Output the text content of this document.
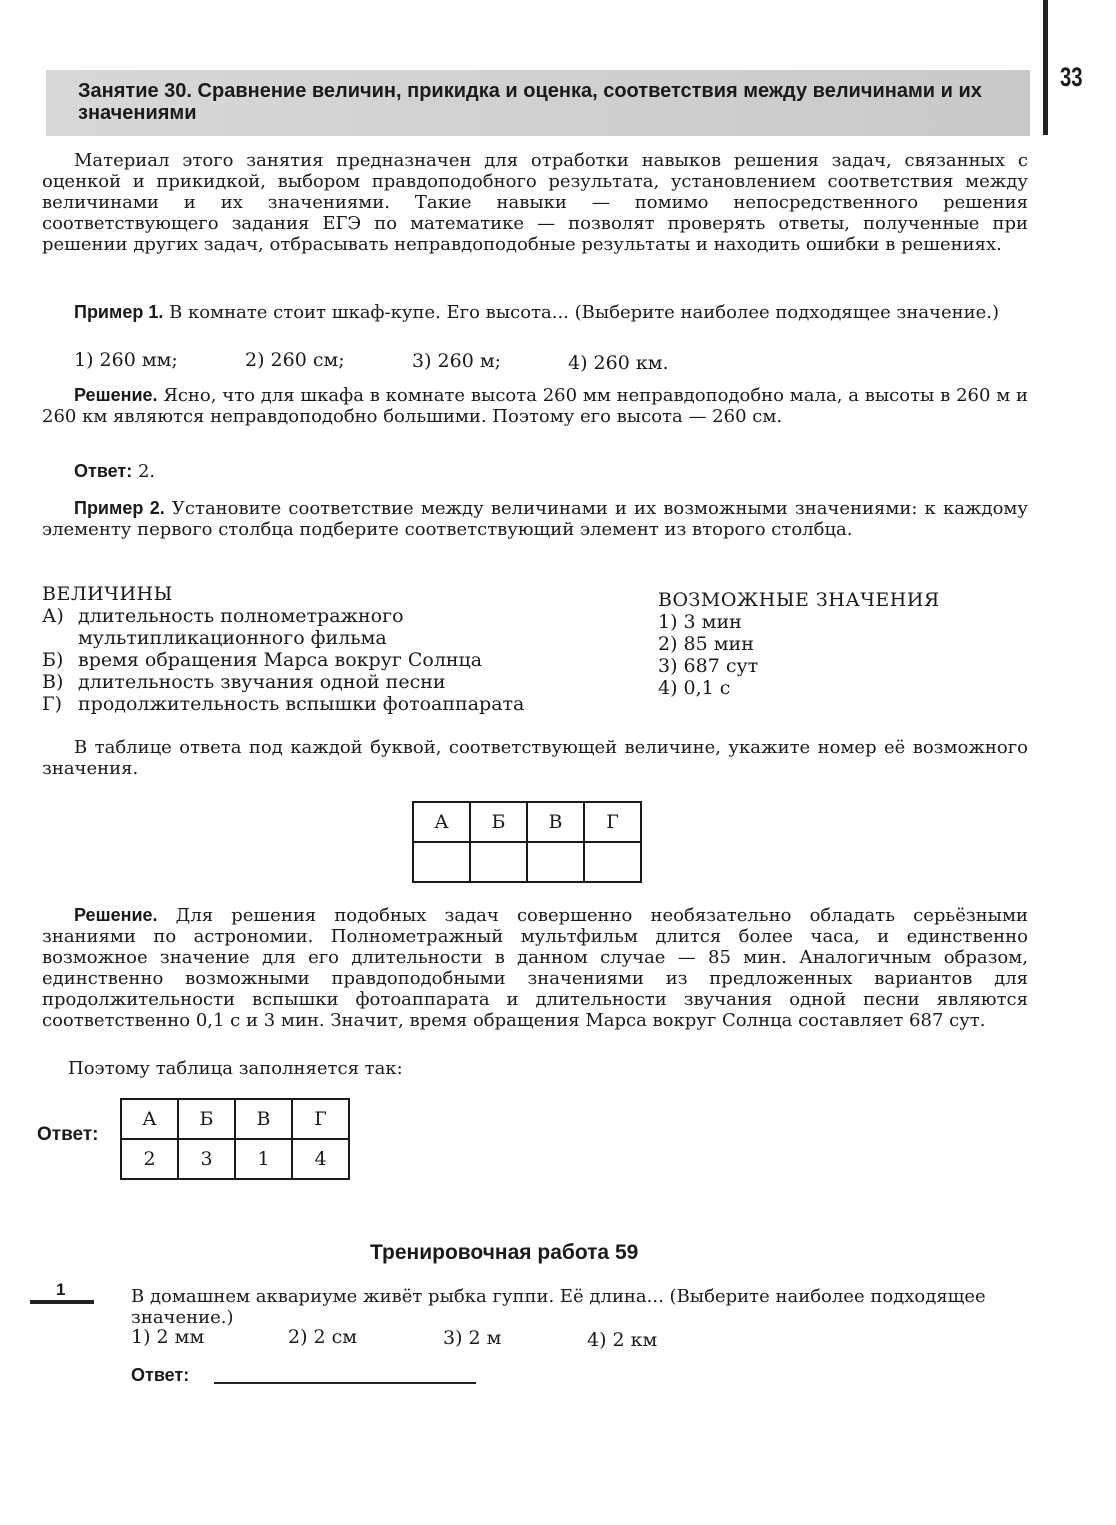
33
Занятие 30. Сравнение величин, прикидка и оценка, соответствия между величинами и их значениями
Материал этого занятия предназначен для отработки навыков решения задач, связанных с оценкой и прикидкой, выбором правдоподобного результата, установлением соответствия между величинами и их значениями. Такие навыки — помимо непосредственного решения соответствующего задания ЕГЭ по математике — позволят проверять ответы, полученные при решении других задач, отбрасывать неправдоподобные результаты и находить ошибки в решениях.
Пример 1. В комнате стоит шкаф-купе. Его высота... (Выберите наиболее подходящее значение.)
1) 260 мм;	2) 260 см;	3) 260 м;	4) 260 км.
Решение. Ясно, что для шкафа в комнате высота 260 мм неправдоподобно мала, а высоты в 260 м и 260 км являются неправдоподобно большими. Поэтому его высота — 260 см.
Ответ: 2.
Пример 2. Установите соответствие между величинами и их возможными значениями: к каждому элементу первого столбца подберите соответствующий элемент из второго столбца.
ВЕЛИЧИНЫ
А) длительность полнометражного мультипликационного фильма
Б) время обращения Марса вокруг Солнца
В) длительность звучания одной песни
Г) продолжительность вспышки фотоаппарата
ВОЗМОЖНЫЕ ЗНАЧЕНИЯ
1) 3 мин
2) 85 мин
3) 687 сут
4) 0,1 с
В таблице ответа под каждой буквой, соответствующей величине, укажите номер её возможного значения.
А	Б	В	Г

Решение. Для решения подобных задач совершенно необязательно обладать серьёзными знаниями по астрономии. Полнометражный мультфильм длится более часа, и единственно возможное значение для его длительности в данном случае — 85 мин. Аналогичным образом, единственно возможными правдоподобными значениями из предложенных вариантов для продолжительности вспышки фотоаппарата и длительности звучания одной песни являются соответственно 0,1 с и 3 мин. Значит, время обращения Марса вокруг Солнца составляет 687 сут.
Поэтому таблица заполняется так:
Ответ:
А	Б	В	Г
2	3	1	4
Тренировочная работа 59
1	В домашнем аквариуме живёт рыбка гуппи. Её длина... (Выберите наиболее подходящее значение.)
1) 2 мм	2) 2 см	3) 2 м	4) 2 км
Ответ:
